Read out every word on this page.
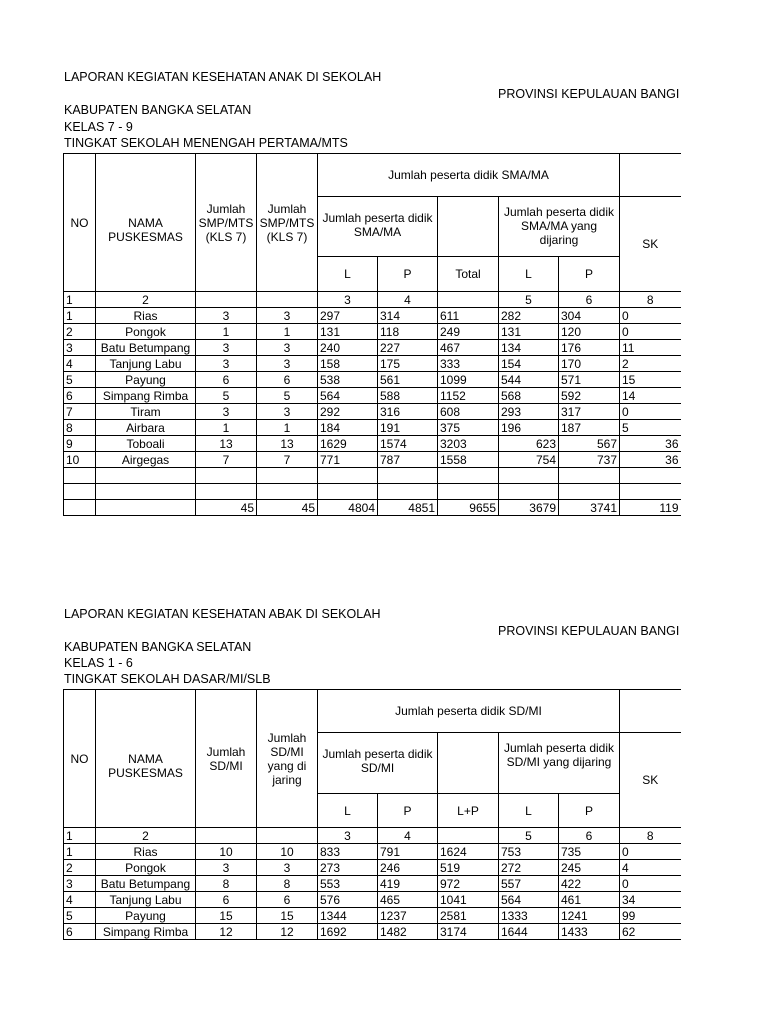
LAPORAN KEGIATAN KESEHATAN ANAK DI SEKOLAH
PROVINSI KEPULAUAN BANGI
KABUPATEN BANGKA SELATAN
KELAS 7 - 9
TINGKAT SEKOLAH MENENGAH PERTAMA/MTS
NO	NAMA PUSKESMAS	Jumlah SMP/MTS (KLS 7)	Jumlah SMP/MTS (KLS 7)	Jumlah peserta didik SMA/MA					
				Jumlah peserta didik SMA/MA			Jumlah peserta didik SMA/MA yang dijaring		SK
				L	P	Total	L	P	
1	2			3	4		5	6	8
1	Rias	3	3	297	314	611	282	304	0
2	Pongok	1	1	131	118	249	131	120	0
3	Batu Betumpang	3	3	240	227	467	134	176	11
4	Tanjung Labu	3	3	158	175	333	154	170	2
5	Payung	6	6	538	561	1099	544	571	15
6	Simpang Rimba	5	5	564	588	1152	568	592	14
7	Tiram	3	3	292	316	608	293	317	0
8	Airbara	1	1	184	191	375	196	187	5
9	Toboali	13	13	1629	1574	3203	623	567	36
10	Airgegas	7	7	771	787	1558	754	737	36

		45	45	4804	4851	9655	3679	3741	119
LAPORAN KEGIATAN KESEHATAN ABAK DI SEKOLAH
PROVINSI KEPULAUAN BANGI
KABUPATEN BANGKA SELATAN
KELAS 1 - 6
TINGKAT SEKOLAH DASAR/MI/SLB
NO	NAMA PUSKESMAS	Jumlah SD/MI	Jumlah SD/MI yang di jaring	Jumlah peserta didik SD/MI					
				Jumlah peserta didik SD/MI			Jumlah peserta didik SD/MI yang dijaring		SK
				L	P	L+P	L	P	
1	2			3	4		5	6	8
1	Rias	10	10	833	791	1624	753	735	0
2	Pongok	3	3	273	246	519	272	245	4
3	Batu Betumpang	8	8	553	419	972	557	422	0
4	Tanjung Labu	6	6	576	465	1041	564	461	34
5	Payung	15	15	1344	1237	2581	1333	1241	99
6	Simpang Rimba	12	12	1692	1482	3174	1644	1433	62
